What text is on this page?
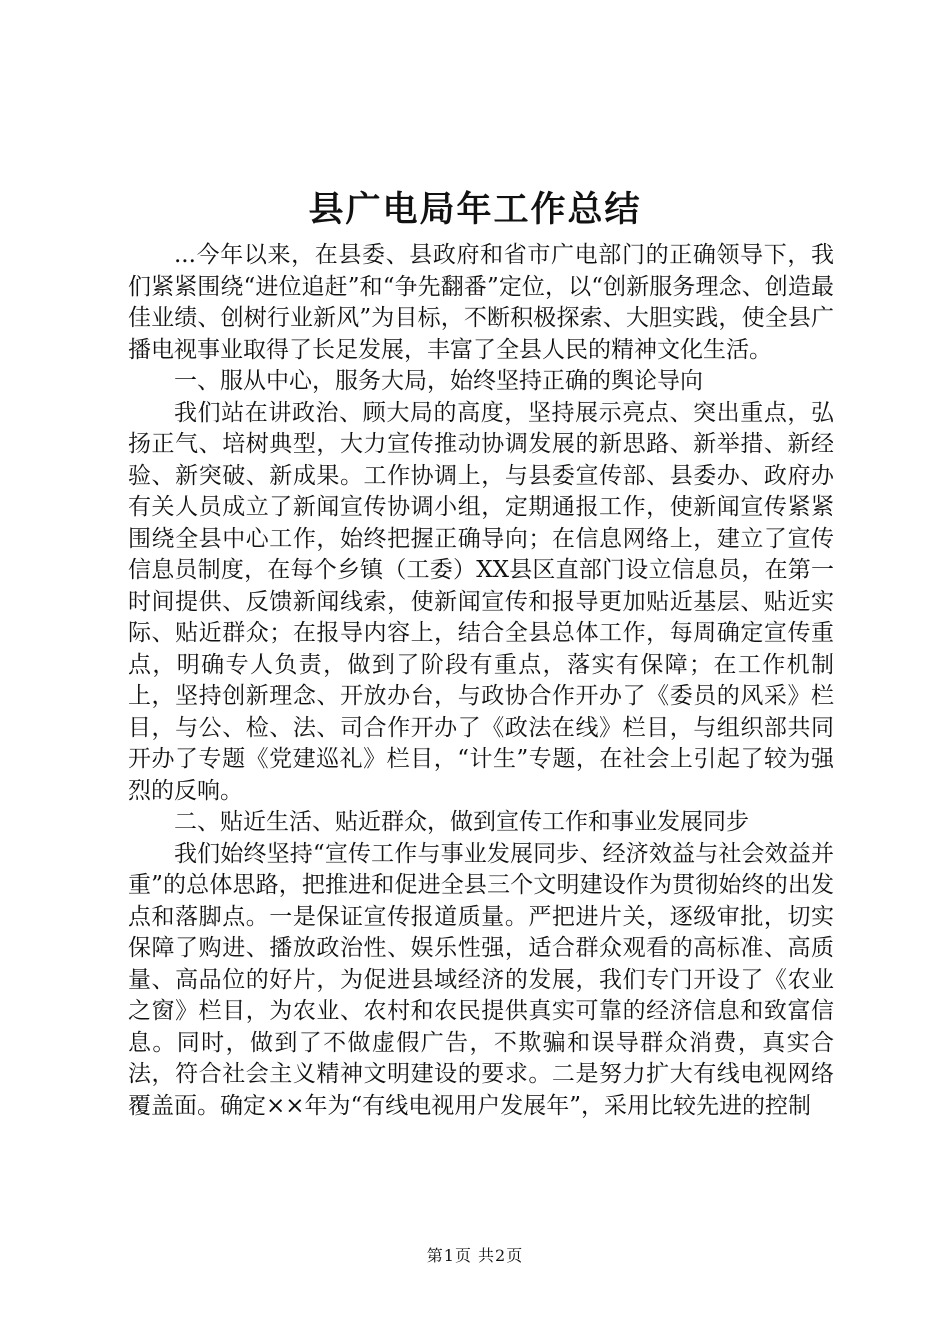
县广电局年工作总结

...今年以来，在县委、县政府和省市广电部门的正确领导下，我们紧紧围绕“进位追赶”和“争先翻番”定位，以“创新服务理念、创造最佳业绩、创树行业新风”为目标，不断积极探索、大胆实践，使全县广播电视事业取得了长足发展，丰富了全县人民的精神文化生活。

一、服从中心，服务大局，始终坚持正确的舆论导向

我们站在讲政治、顾大局的高度，坚持展示亮点、突出重点，弘扬正气、培树典型，大力宣传推动协调发展的新思路、新举措、新经验、新突破、新成果。工作协调上，与县委宣传部、县委办、政府办有关人员成立了新闻宣传协调小组，定期通报工作，使新闻宣传紧紧围绕全县中心工作，始终把握正确导向；在信息网络上，建立了宣传信息员制度，在每个乡镇（工委）XX县区直部门设立信息员，在第一时间提供、反馈新闻线索，使新闻宣传和报导更加贴近基层、贴近实际、贴近群众；在报导内容上，结合全县总体工作，每周确定宣传重点，明确专人负责，做到了阶段有重点，落实有保障；在工作机制上，坚持创新理念、开放办台，与政协合作开办了《委员的风采》栏目，与公、检、法、司合作开办了《政法在线》栏目，与组织部共同开办了专题《党建巡礼》栏目，“计生”专题，在社会上引起了较为强烈的反响。

二、贴近生活、贴近群众，做到宣传工作和事业发展同步

我们始终坚持“宣传工作与事业发展同步、经济效益与社会效益并重”的总体思路，把推进和促进全县三个文明建设作为贯彻始终的出发点和落脚点。一是保证宣传报道质量。严把进片关，逐级审批，切实保障了购进、播放政治性、娱乐性强，适合群众观看的高标准、高质量、高品位的好片，为促进县域经济的发展，我们专门开设了《农业之窗》栏目，为农业、农村和农民提供真实可靠的经济信息和致富信息。同时，做到了不做虚假广告，不欺骗和误导群众消费，真实合法，符合社会主义精神文明建设的要求。二是努力扩大有线电视网络覆盖面。确定××年为“有线电视用户发展年”，采用比较先进的控制

第1页 共2页
